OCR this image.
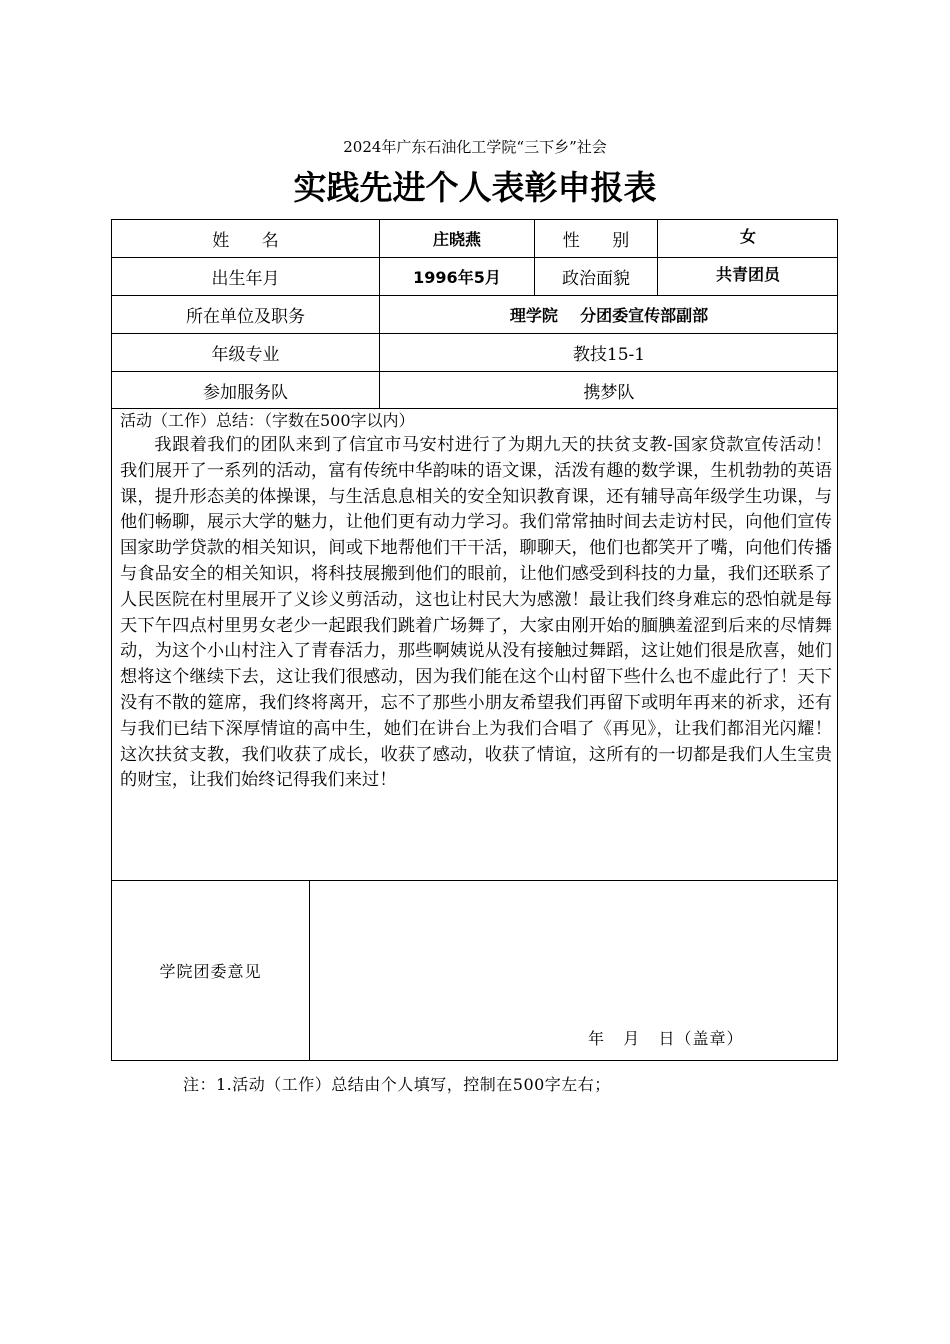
2024年广东石油化工学院“三下乡”社会
实践先进个人表彰申报表
姓      名	庄晓燕	性      别	女
出生年月	1996年5月	政治面貌	共青团员
所在单位及职务	理学院    分团委宣传部副部
年级专业	教技15-1
参加服务队	携梦队
活动（工作）总结：（字数在500字以内）
我跟着我们的团队来到了信宜市马安村进行了为期九天的扶贫支教-国家贷款宣传活动！我们展开了一系列的活动，富有传统中华韵味的语文课，活泼有趣的数学课，生机勃勃的英语课，提升形态美的体操课，与生活息息相关的安全知识教育课，还有辅导高年级学生功课，与他们畅聊，展示大学的魅力，让他们更有动力学习。我们常常抽时间去走访村民，向他们宣传国家助学贷款的相关知识，间或下地帮他们干干活，聊聊天，他们也都笑开了嘴，向他们传播与食品安全的相关知识，将科技展搬到他们的眼前，让他们感受到科技的力量，我们还联系了人民医院在村里展开了义诊义剪活动，这也让村民大为感激！最让我们终身难忘的恐怕就是每天下午四点村里男女老少一起跟我们跳着广场舞了，大家由刚开始的腼腆羞涩到后来的尽情舞动，为这个小山村注入了青春活力，那些啊姨说从没有接触过舞蹈，这让她们很是欣喜，她们想将这个继续下去，这让我们很感动，因为我们能在这个山村留下些什么也不虚此行了！天下没有不散的筵席，我们终将离开，忘不了那些小朋友希望我们再留下或明年再来的祈求，还有与我们已结下深厚情谊的高中生，她们在讲台上为我们合唱了《再见》，让我们都泪光闪耀！这次扶贫支教，我们收获了成长，收获了感动，收获了情谊，这所有的一切都是我们人生宝贵的财宝，让我们始终记得我们来过！
学院团委意见
年   月   日（盖章）
注：1.活动（工作）总结由个人填写，控制在500字左右；
